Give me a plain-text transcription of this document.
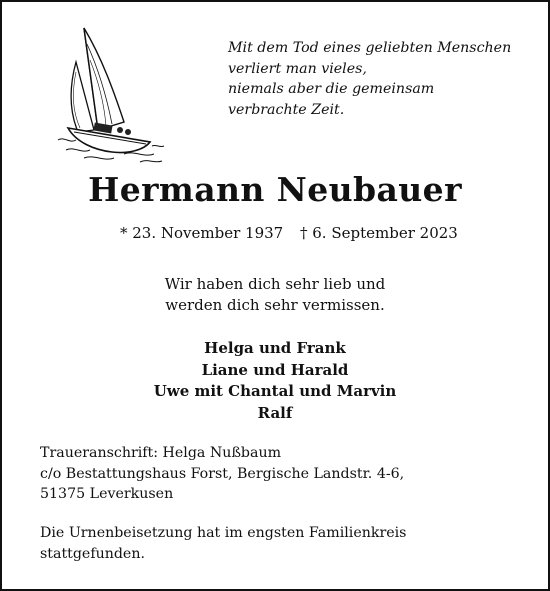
Mit dem Tod eines geliebten Menschen
verliert man vieles,
niemals aber die gemeinsam
verbrachte Zeit.
Hermann Neubauer
* 23. November 1937 † 6. September 2023
Wir haben dich sehr lieb und
werden dich sehr vermissen.
Helga und Frank
Liane und Harald
Uwe mit Chantal und Marvin
Ralf
Traueranschrift: Helga Nußbaum
c/o Bestattungshaus Forst, Bergische Landstr. 4-6,
51375 Leverkusen
Die Urnenbeisetzung hat im engsten Familienkreis
stattgefunden.
